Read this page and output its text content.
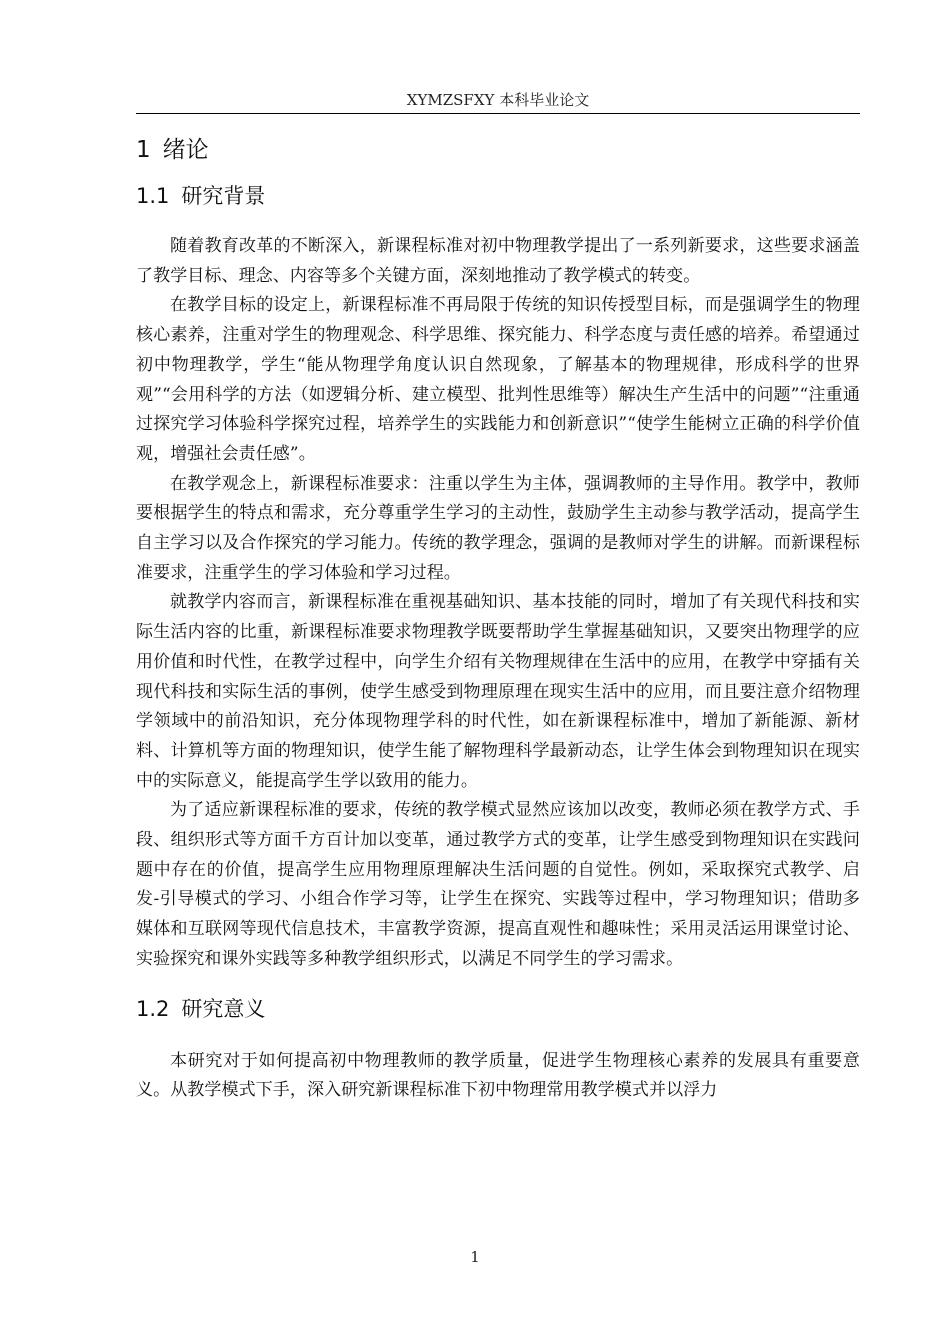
XYMZSFXY 本科毕业论文
1 绪论
1.1 研究背景

随着教育改革的不断深入，新课程标准对初中物理教学提出了一系列新要求，这些要求涵盖了教学目标、理念、内容等多个关键方面，深刻地推动了教学模式的转变。

在教学目标的设定上，新课程标准不再局限于传统的知识传授型目标，而是强调学生的物理核心素养，注重对学生的物理观念、科学思维、探究能力、科学态度与责任感的培养。希望通过初中物理教学，学生“能从物理学角度认识自然现象，了解基本的物理规律，形成科学的世界观”“会用科学的方法（如逻辑分析、建立模型、批判性思维等）解决生产生活中的问题”“注重通过探究学习体验科学探究过程，培养学生的实践能力和创新意识”“使学生能树立正确的科学价值观，增强社会责任感”。

在教学观念上，新课程标准要求：注重以学生为主体，强调教师的主导作用。教学中，教师要根据学生的特点和需求，充分尊重学生学习的主动性，鼓励学生主动参与教学活动，提高学生自主学习以及合作探究的学习能力。传统的教学理念，强调的是教师对学生的讲解。而新课程标准要求，注重学生的学习体验和学习过程。

就教学内容而言，新课程标准在重视基础知识、基本技能的同时，增加了有关现代科技和实际生活内容的比重，新课程标准要求物理教学既要帮助学生掌握基础知识，又要突出物理学的应用价值和时代性，在教学过程中，向学生介绍有关物理规律在生活中的应用，在教学中穿插有关现代科技和实际生活的事例，使学生感受到物理原理在现实生活中的应用，而且要注意介绍物理学领域中的前沿知识，充分体现物理学科的时代性，如在新课程标准中，增加了新能源、新材料、计算机等方面的物理知识，使学生能了解物理科学最新动态，让学生体会到物理知识在现实中的实际意义，能提高学生学以致用的能力。

为了适应新课程标准的要求，传统的教学模式显然应该加以改变，教师必须在教学方式、手段、组织形式等方面千方百计加以变革，通过教学方式的变革，让学生感受到物理知识在实践问题中存在的价值，提高学生应用物理原理解决生活问题的自觉性。例如，采取探究式教学、启发-引导模式的学习、小组合作学习等，让学生在探究、实践等过程中，学习物理知识；借助多媒体和互联网等现代信息技术，丰富教学资源，提高直观性和趣味性；采用灵活运用课堂讨论、实验探究和课外实践等多种教学组织形式，以满足不同学生的学习需求。

1.2 研究意义

本研究对于如何提高初中物理教师的教学质量，促进学生物理核心素养的发展具有重要意义。从教学模式下手，深入研究新课程标准下初中物理常用教学模式并以浮力

1
